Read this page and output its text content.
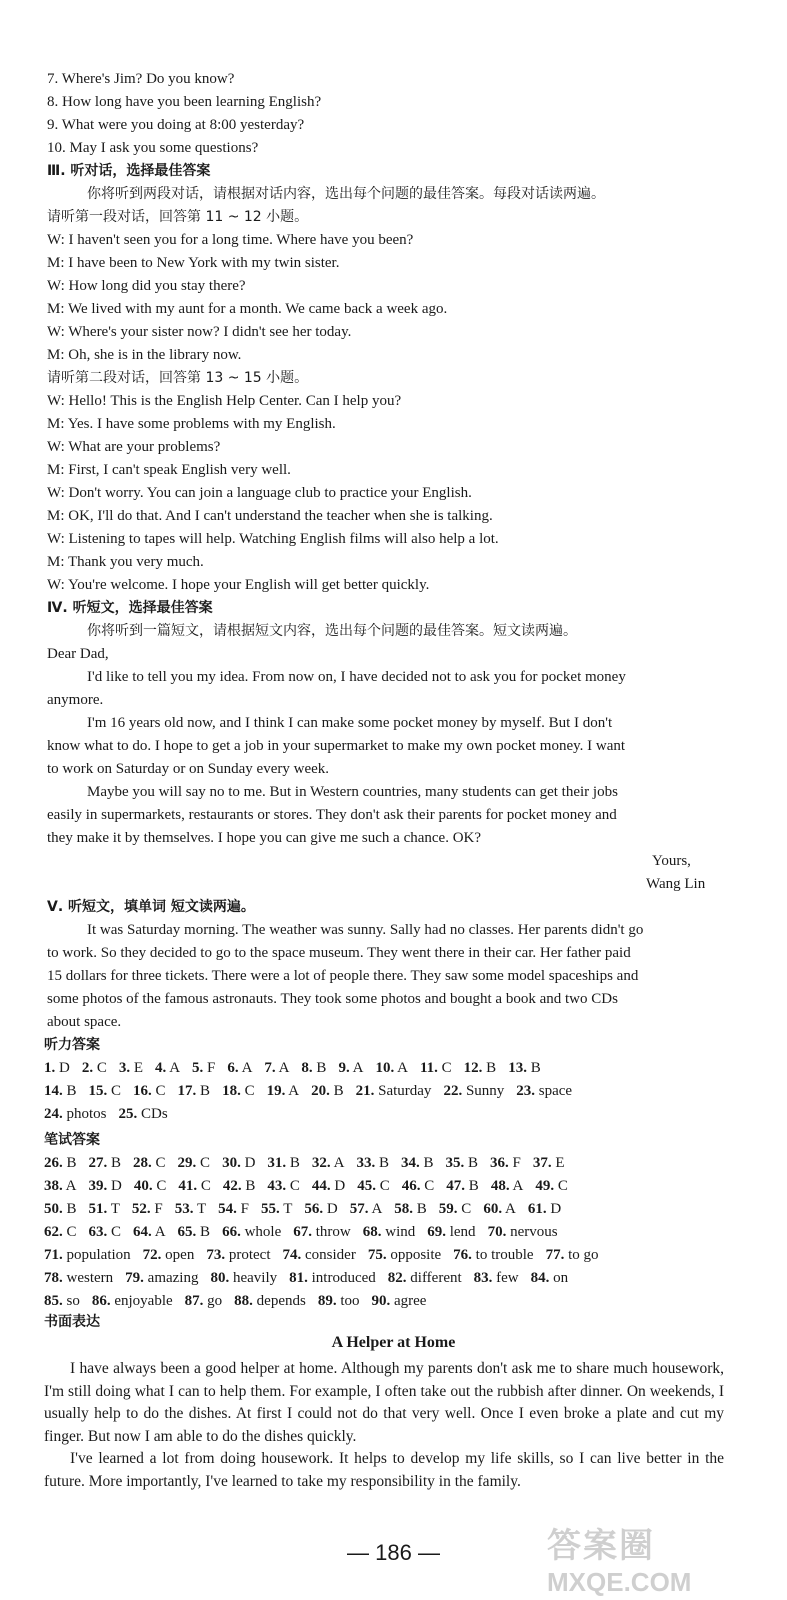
7. Where's Jim? Do you know?
8. How long have you been learning English?
9. What were you doing at 8:00 yesterday?
10. May I ask you some questions?
Ⅲ. 听对话，选择最佳答案
你将听到两段对话，请根据对话内容，选出每个问题的最佳答案。每段对话读两遍。
请听第一段对话，回答第 11 ~ 12 小题。
W: I haven't seen you for a long time. Where have you been?
M: I have been to New York with my twin sister.
W: How long did you stay there?
M: We lived with my aunt for a month. We came back a week ago.
W: Where's your sister now? I didn't see her today.
M: Oh, she is in the library now.
请听第二段对话，回答第 13 ~ 15 小题。
W: Hello! This is the English Help Center. Can I help you?
M: Yes. I have some problems with my English.
W: What are your problems?
M: First, I can't speak English very well.
W: Don't worry. You can join a language club to practice your English.
M: OK, I'll do that. And I can't understand the teacher when she is talking.
W: Listening to tapes will help. Watching English films will also help a lot.
M: Thank you very much.
W: You're welcome. I hope your English will get better quickly.
Ⅳ. 听短文，选择最佳答案
你将听到一篇短文，请根据短文内容，选出每个问题的最佳答案。短文读两遍。
Dear Dad,
I'd like to tell you my idea. From now on, I have decided not to ask you for pocket money
anymore.
I'm 16 years old now, and I think I can make some pocket money by myself. But I don't
know what to do. I hope to get a job in your supermarket to make my own pocket money. I want
to work on Saturday or on Sunday every week.
Maybe you will say no to me. But in Western countries, many students can get their jobs
easily in supermarkets, restaurants or stores. They don't ask their parents for pocket money and
they make it by themselves. I hope you can give me such a chance. OK?
Yours,
Wang Lin
Ⅴ. 听短文，填单词 短文读两遍。
It was Saturday morning. The weather was sunny. Sally had no classes. Her parents didn't go
to work. So they decided to go to the space museum. They went there in their car. Her father paid
15 dollars for three tickets. There were a lot of people there. They saw some model spaceships and
some photos of the famous astronauts. They took some photos and bought a book and two CDs
about space.
听力答案
1. D 2. C 3. E 4. A 5. F 6. A 7. A 8. B 9. A 10. A 11. C 12. B 13. B
14. B 15. C 16. C 17. B 18. C 19. A 20. B 21. Saturday 22. Sunny 23. space
24. photos 25. CDs
笔试答案
26. B 27. B 28. C 29. C 30. D 31. B 32. A 33. B 34. B 35. B 36. F 37. E
38. A 39. D 40. C 41. C 42. B 43. C 44. D 45. C 46. C 47. B 48. A 49. C
50. B 51. T 52. F 53. T 54. F 55. T 56. D 57. A 58. B 59. C 60. A 61. D
62. C 63. C 64. A 65. B 66. whole 67. throw 68. wind 69. lend 70. nervous
71. population 72. open 73. protect 74. consider 75. opposite 76. to trouble 77. to go
78. western 79. amazing 80. heavily 81. introduced 82. different 83. few 84. on
85. so 86. enjoyable 87. go 88. depends 89. too 90. agree
书面表达
A Helper at Home

I have always been a good helper at home. Although my parents don't ask me to share much housework, I'm still doing what I can to help them. For example, I often take out the rubbish after dinner. On weekends, I usually help to do the dishes. At first I could not do that very well. Once I even broke a plate and cut my finger. But now I am able to do the dishes quickly.

I've learned a lot from doing housework. It helps to develop my life skills, so I can live better in the future. More importantly, I've learned to take my responsibility in the family.

— 186 —	答案圈
MXQE.COM
